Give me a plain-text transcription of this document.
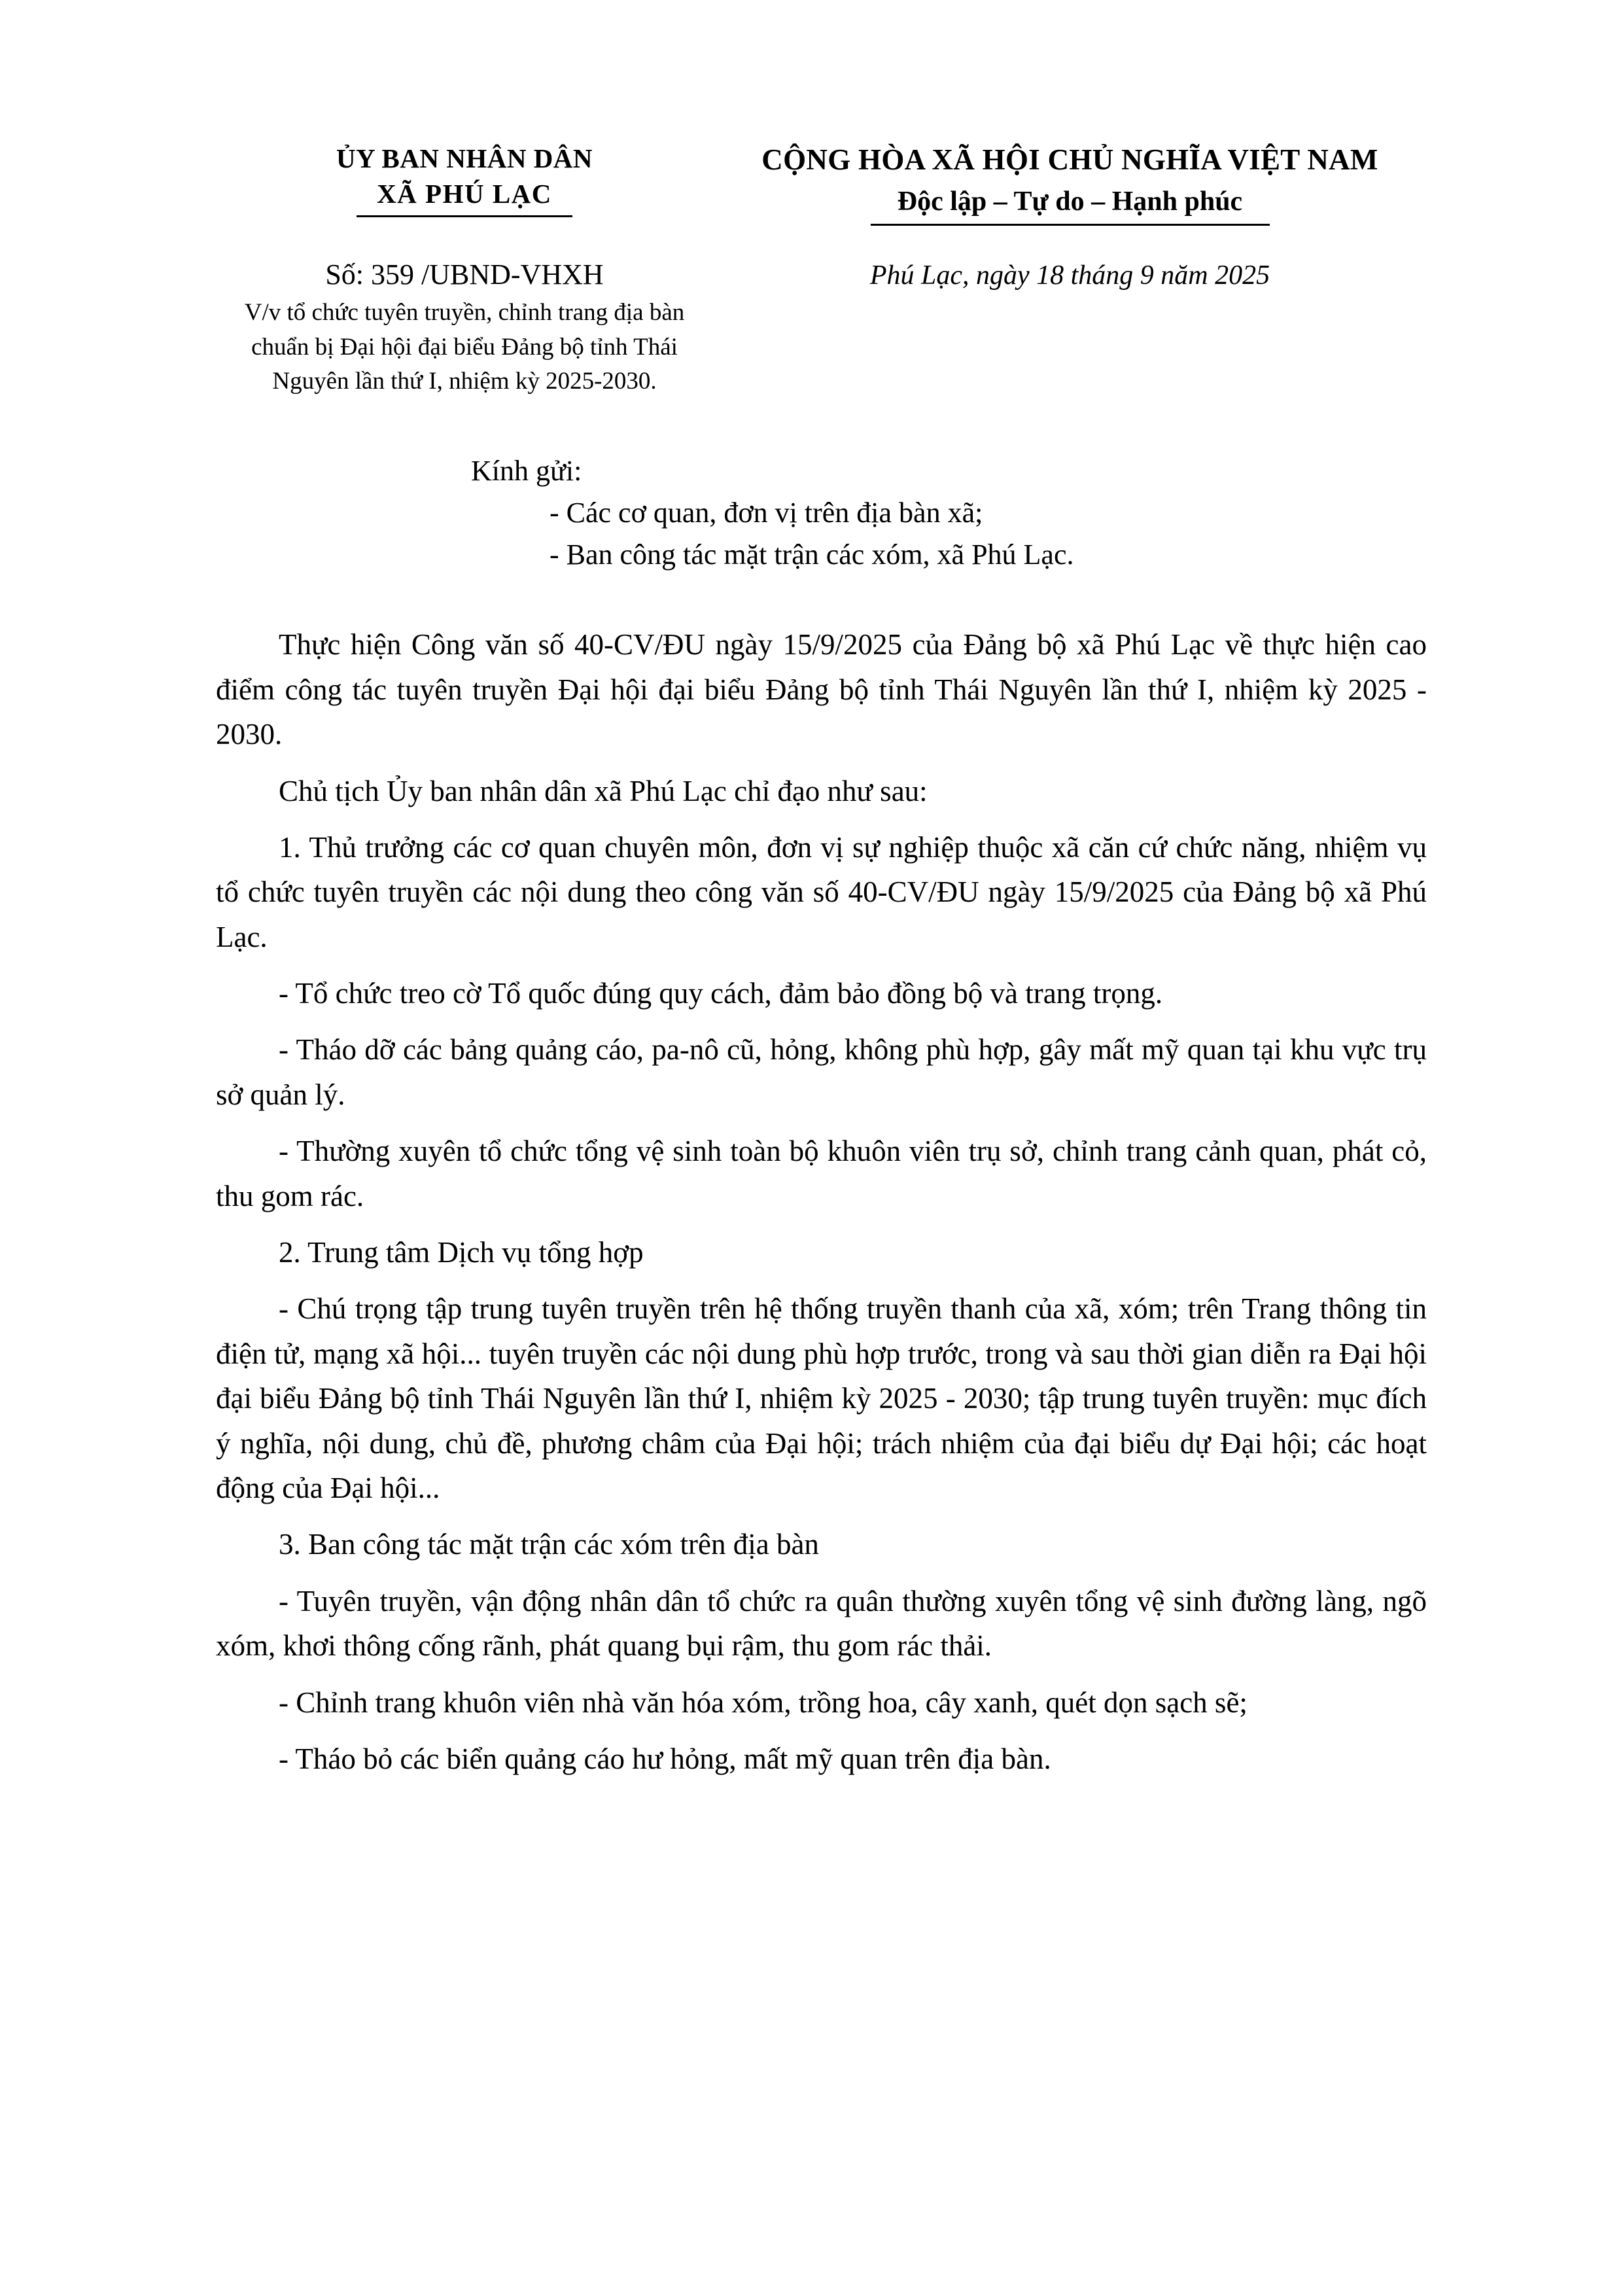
ỦY BAN NHÂN DÂN
XÃ PHÚ LẠC
CỘNG HÒA XÃ HỘI CHỦ NGHĨA VIỆT NAM
Độc lập – Tự do – Hạnh phúc
Số: 359 /UBND-VHXH
V/v tổ chức tuyên truyền, chỉnh trang địa bàn chuẩn bị Đại hội đại biểu Đảng bộ tỉnh Thái Nguyên lần thứ I, nhiệm kỳ 2025-2030.
Phú Lạc, ngày 18 tháng 9 năm 2025
Kính gửi:
- Các cơ quan, đơn vị trên địa bàn xã;
- Ban công tác mặt trận các xóm, xã Phú Lạc.

Thực hiện Công văn số 40-CV/ĐU ngày 15/9/2025 của Đảng bộ xã Phú Lạc về thực hiện cao điểm công tác tuyên truyền Đại hội đại biểu Đảng bộ tỉnh Thái Nguyên lần thứ I, nhiệm kỳ 2025 - 2030.

Chủ tịch Ủy ban nhân dân xã Phú Lạc chỉ đạo như sau:

1. Thủ trưởng các cơ quan chuyên môn, đơn vị sự nghiệp thuộc xã căn cứ chức năng, nhiệm vụ tổ chức tuyên truyền các nội dung theo công văn số 40-CV/ĐU ngày 15/9/2025 của Đảng bộ xã Phú Lạc.

- Tổ chức treo cờ Tổ quốc đúng quy cách, đảm bảo đồng bộ và trang trọng.

- Tháo dỡ các bảng quảng cáo, pa-nô cũ, hỏng, không phù hợp, gây mất mỹ quan tại khu vực trụ sở quản lý.

- Thường xuyên tổ chức tổng vệ sinh toàn bộ khuôn viên trụ sở, chỉnh trang cảnh quan, phát cỏ, thu gom rác.

2. Trung tâm Dịch vụ tổng hợp

- Chú trọng tập trung tuyên truyền trên hệ thống truyền thanh của xã, xóm; trên Trang thông tin điện tử, mạng xã hội... tuyên truyền các nội dung phù hợp trước, trong và sau thời gian diễn ra Đại hội đại biểu Đảng bộ tỉnh Thái Nguyên lần thứ I, nhiệm kỳ 2025 - 2030; tập trung tuyên truyền: mục đích ý nghĩa, nội dung, chủ đề, phương châm của Đại hội; trách nhiệm của đại biểu dự Đại hội; các hoạt động của Đại hội...

3. Ban công tác mặt trận các xóm trên địa bàn

- Tuyên truyền, vận động nhân dân tổ chức ra quân thường xuyên tổng vệ sinh đường làng, ngõ xóm, khơi thông cống rãnh, phát quang bụi rậm, thu gom rác thải.

- Chỉnh trang khuôn viên nhà văn hóa xóm, trồng hoa, cây xanh, quét dọn sạch sẽ;

- Tháo bỏ các biển quảng cáo hư hỏng, mất mỹ quan trên địa bàn.
